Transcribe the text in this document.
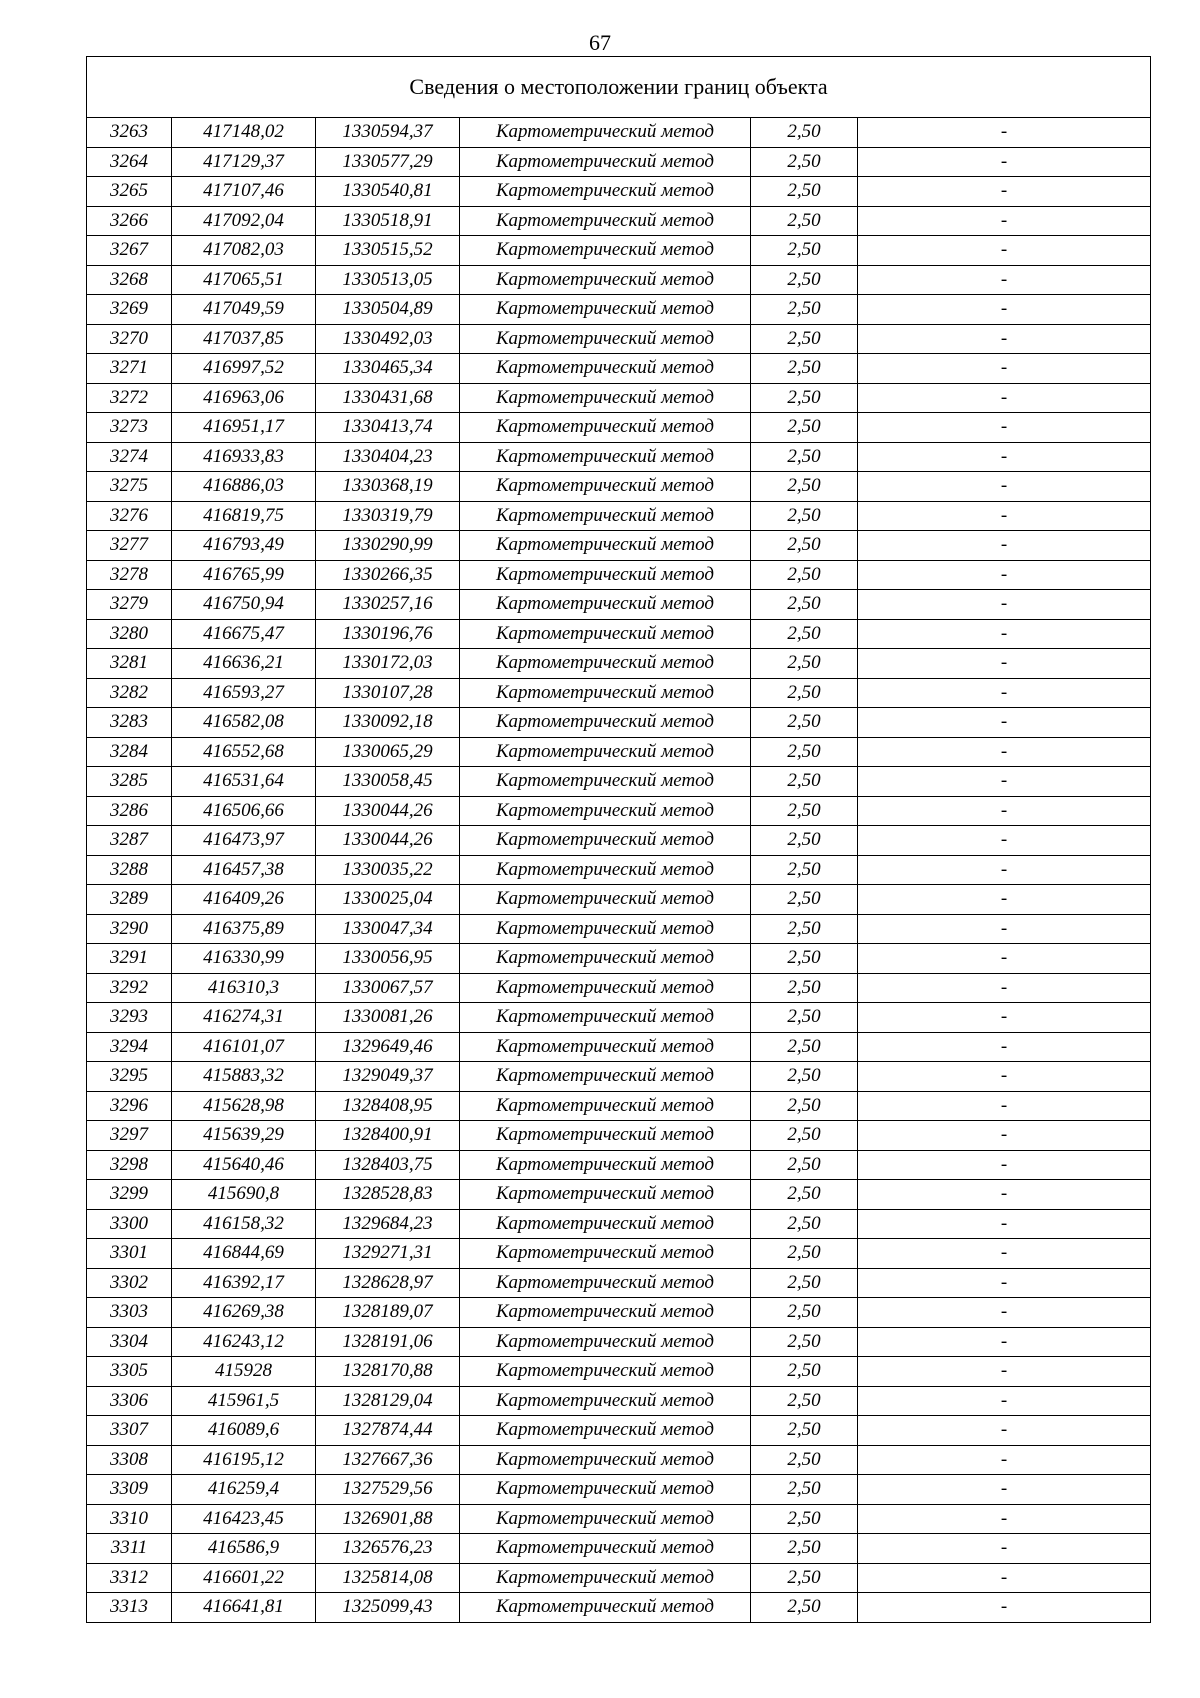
67
Сведения о местоположении границ объекта					
3263	417148,02	1330594,37	Картометрический метод	2,50	-
3264	417129,37	1330577,29	Картометрический метод	2,50	-
3265	417107,46	1330540,81	Картометрический метод	2,50	-
3266	417092,04	1330518,91	Картометрический метод	2,50	-
3267	417082,03	1330515,52	Картометрический метод	2,50	-
3268	417065,51	1330513,05	Картометрический метод	2,50	-
3269	417049,59	1330504,89	Картометрический метод	2,50	-
3270	417037,85	1330492,03	Картометрический метод	2,50	-
3271	416997,52	1330465,34	Картометрический метод	2,50	-
3272	416963,06	1330431,68	Картометрический метод	2,50	-
3273	416951,17	1330413,74	Картометрический метод	2,50	-
3274	416933,83	1330404,23	Картометрический метод	2,50	-
3275	416886,03	1330368,19	Картометрический метод	2,50	-
3276	416819,75	1330319,79	Картометрический метод	2,50	-
3277	416793,49	1330290,99	Картометрический метод	2,50	-
3278	416765,99	1330266,35	Картометрический метод	2,50	-
3279	416750,94	1330257,16	Картометрический метод	2,50	-
3280	416675,47	1330196,76	Картометрический метод	2,50	-
3281	416636,21	1330172,03	Картометрический метод	2,50	-
3282	416593,27	1330107,28	Картометрический метод	2,50	-
3283	416582,08	1330092,18	Картометрический метод	2,50	-
3284	416552,68	1330065,29	Картометрический метод	2,50	-
3285	416531,64	1330058,45	Картометрический метод	2,50	-
3286	416506,66	1330044,26	Картометрический метод	2,50	-
3287	416473,97	1330044,26	Картометрический метод	2,50	-
3288	416457,38	1330035,22	Картометрический метод	2,50	-
3289	416409,26	1330025,04	Картометрический метод	2,50	-
3290	416375,89	1330047,34	Картометрический метод	2,50	-
3291	416330,99	1330056,95	Картометрический метод	2,50	-
3292	416310,3	1330067,57	Картометрический метод	2,50	-
3293	416274,31	1330081,26	Картометрический метод	2,50	-
3294	416101,07	1329649,46	Картометрический метод	2,50	-
3295	415883,32	1329049,37	Картометрический метод	2,50	-
3296	415628,98	1328408,95	Картометрический метод	2,50	-
3297	415639,29	1328400,91	Картометрический метод	2,50	-
3298	415640,46	1328403,75	Картометрический метод	2,50	-
3299	415690,8	1328528,83	Картометрический метод	2,50	-
3300	416158,32	1329684,23	Картометрический метод	2,50	-
3301	416844,69	1329271,31	Картометрический метод	2,50	-
3302	416392,17	1328628,97	Картометрический метод	2,50	-
3303	416269,38	1328189,07	Картометрический метод	2,50	-
3304	416243,12	1328191,06	Картометрический метод	2,50	-
3305	415928	1328170,88	Картометрический метод	2,50	-
3306	415961,5	1328129,04	Картометрический метод	2,50	-
3307	416089,6	1327874,44	Картометрический метод	2,50	-
3308	416195,12	1327667,36	Картометрический метод	2,50	-
3309	416259,4	1327529,56	Картометрический метод	2,50	-
3310	416423,45	1326901,88	Картометрический метод	2,50	-
3311	416586,9	1326576,23	Картометрический метод	2,50	-
3312	416601,22	1325814,08	Картометрический метод	2,50	-
3313	416641,81	1325099,43	Картометрический метод	2,50	-
